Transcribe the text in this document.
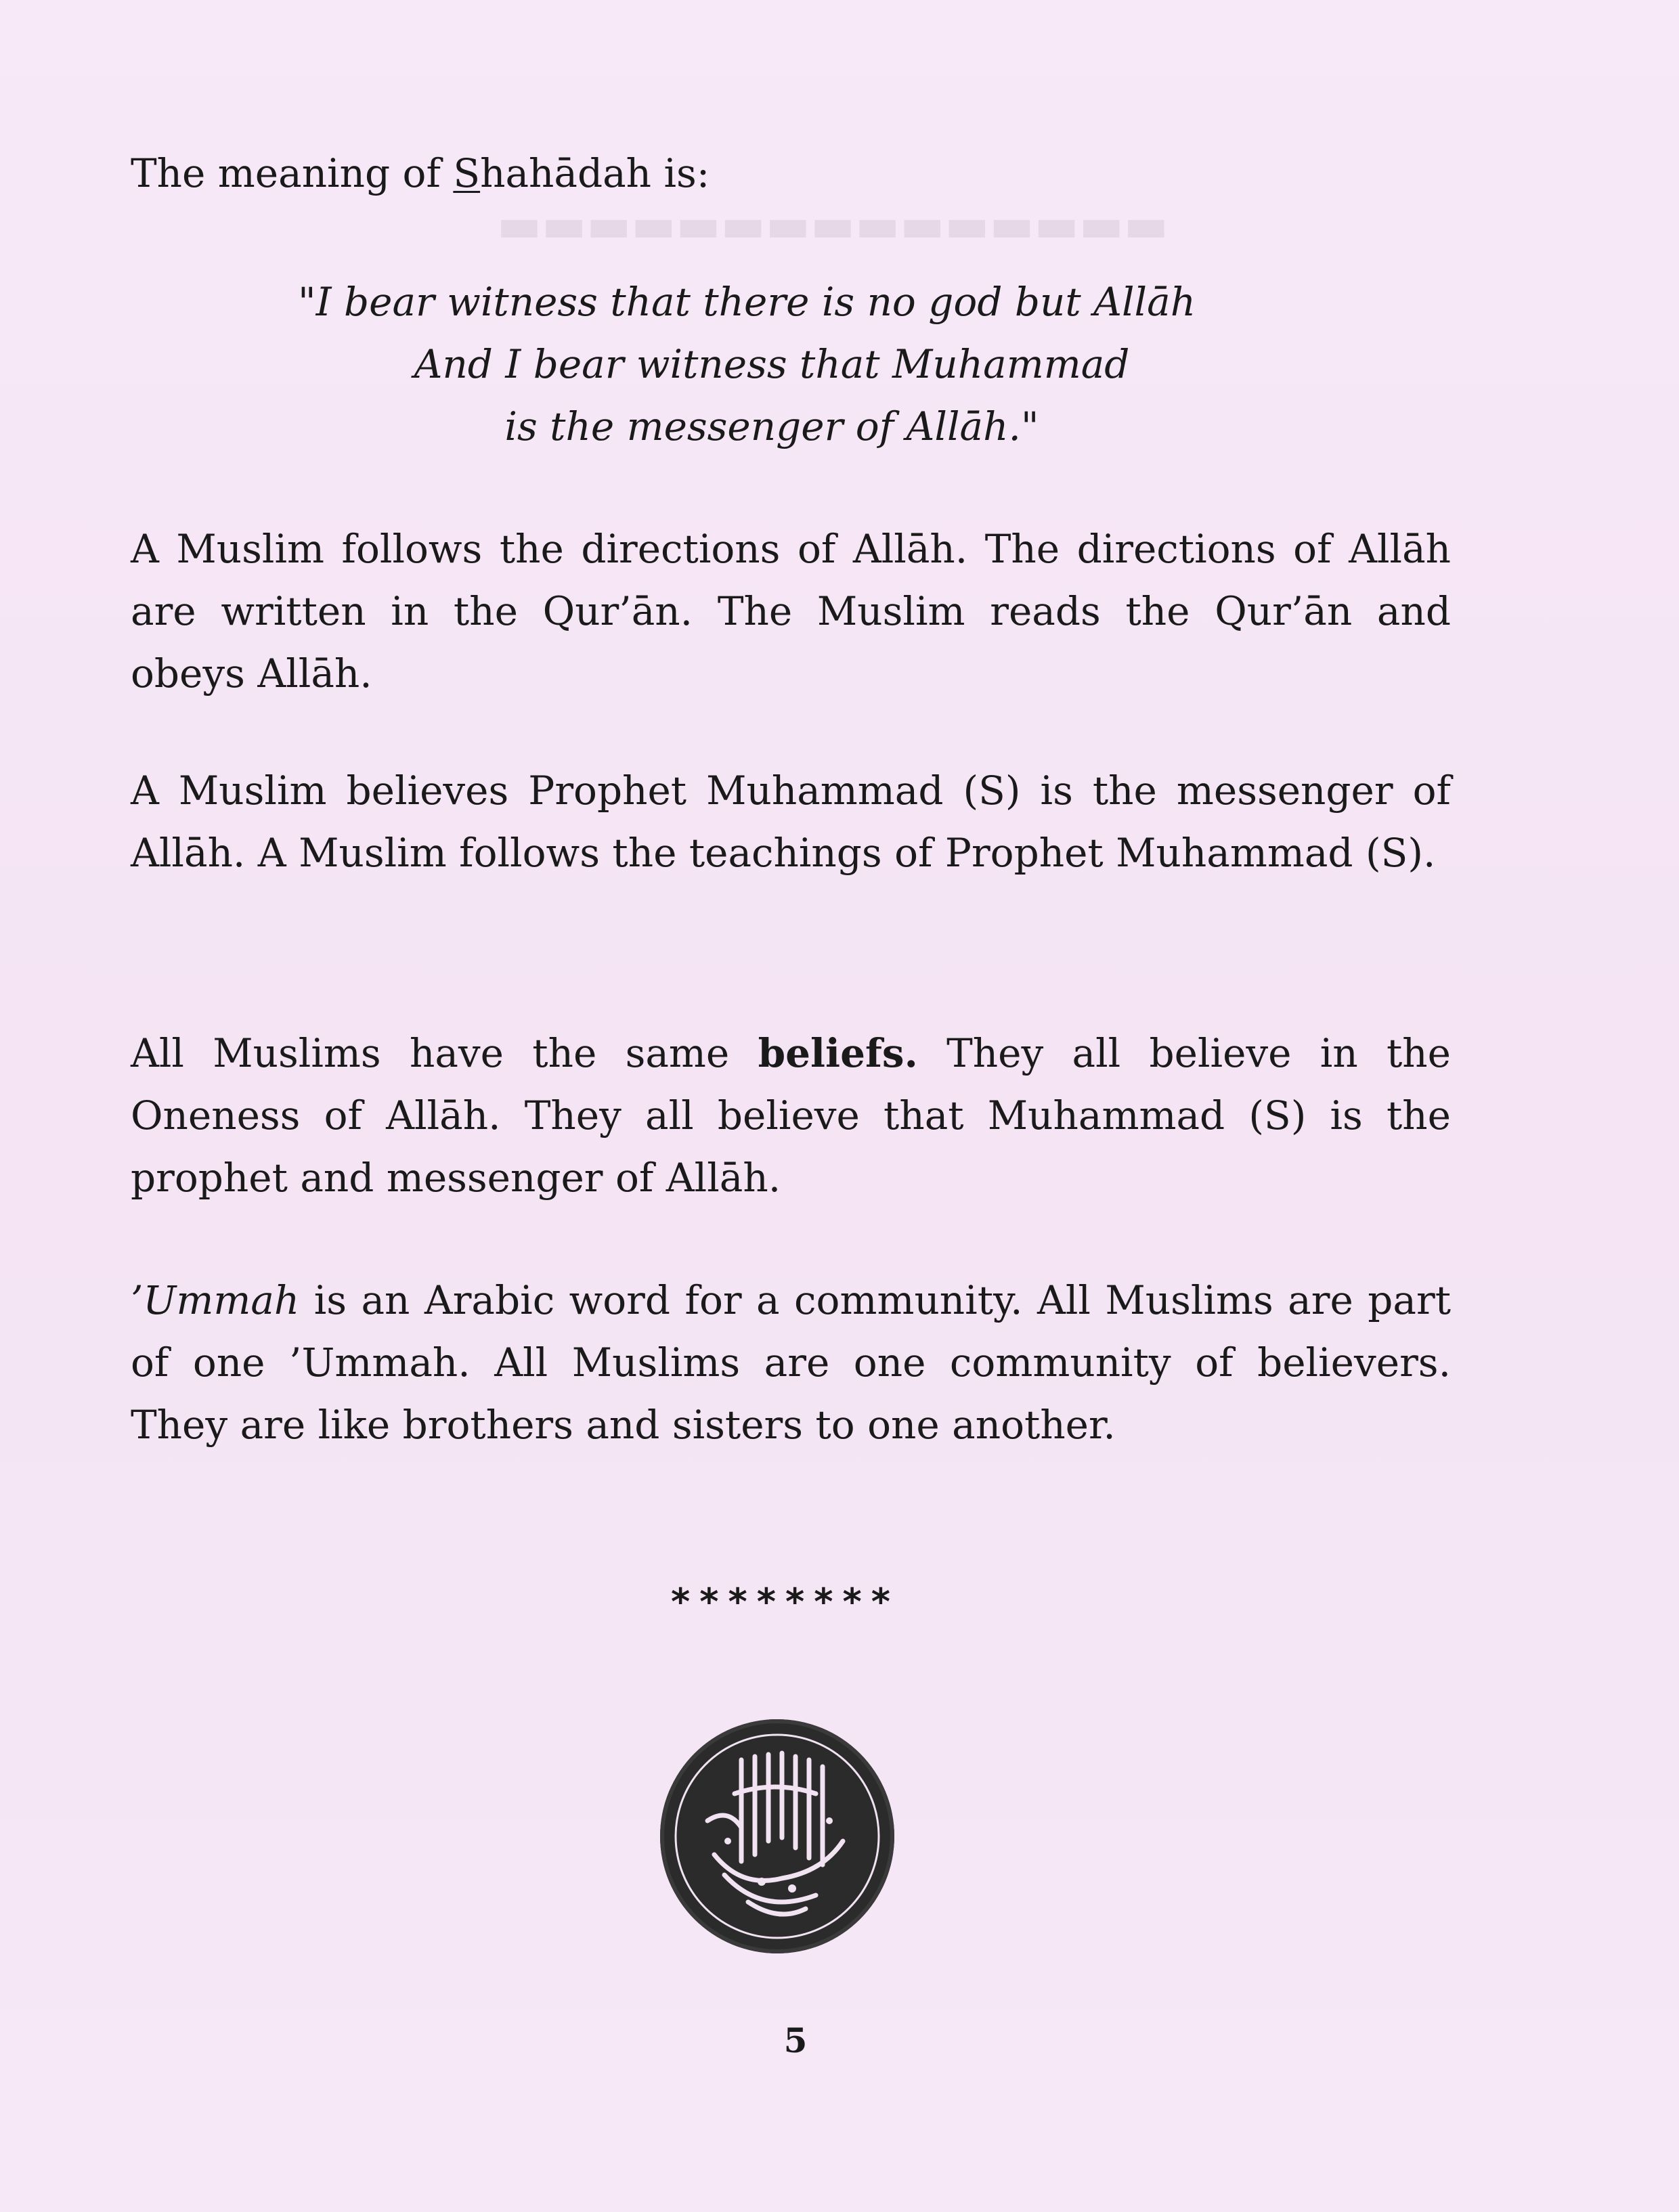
▬▬▬▬▬▬▬▬▬▬▬▬▬▬▬
The meaning of Shahādah is:
"I bear witness that there is no god but Allāh
And I bear witness that Muhammad
is the messenger of Allāh."
A Muslim follows the directions of Allāh. The directions of Allāh are written in the Qur’ān. The Muslim reads the Qur’ān and obeys Allāh.
A Muslim believes Prophet Muhammad (S) is the messenger of Allāh. A Muslim follows the teachings of Prophet Muhammad (S).
All Muslims have the same beliefs. They all believe in the Oneness of Allāh. They all believe that Muhammad (S) is the prophet and messenger of Allāh.
’Ummah is an Arabic word for a community. All Muslims are part of one ’Ummah. All Muslims are one community of believers. They are like brothers and sisters to one another.
********
5
